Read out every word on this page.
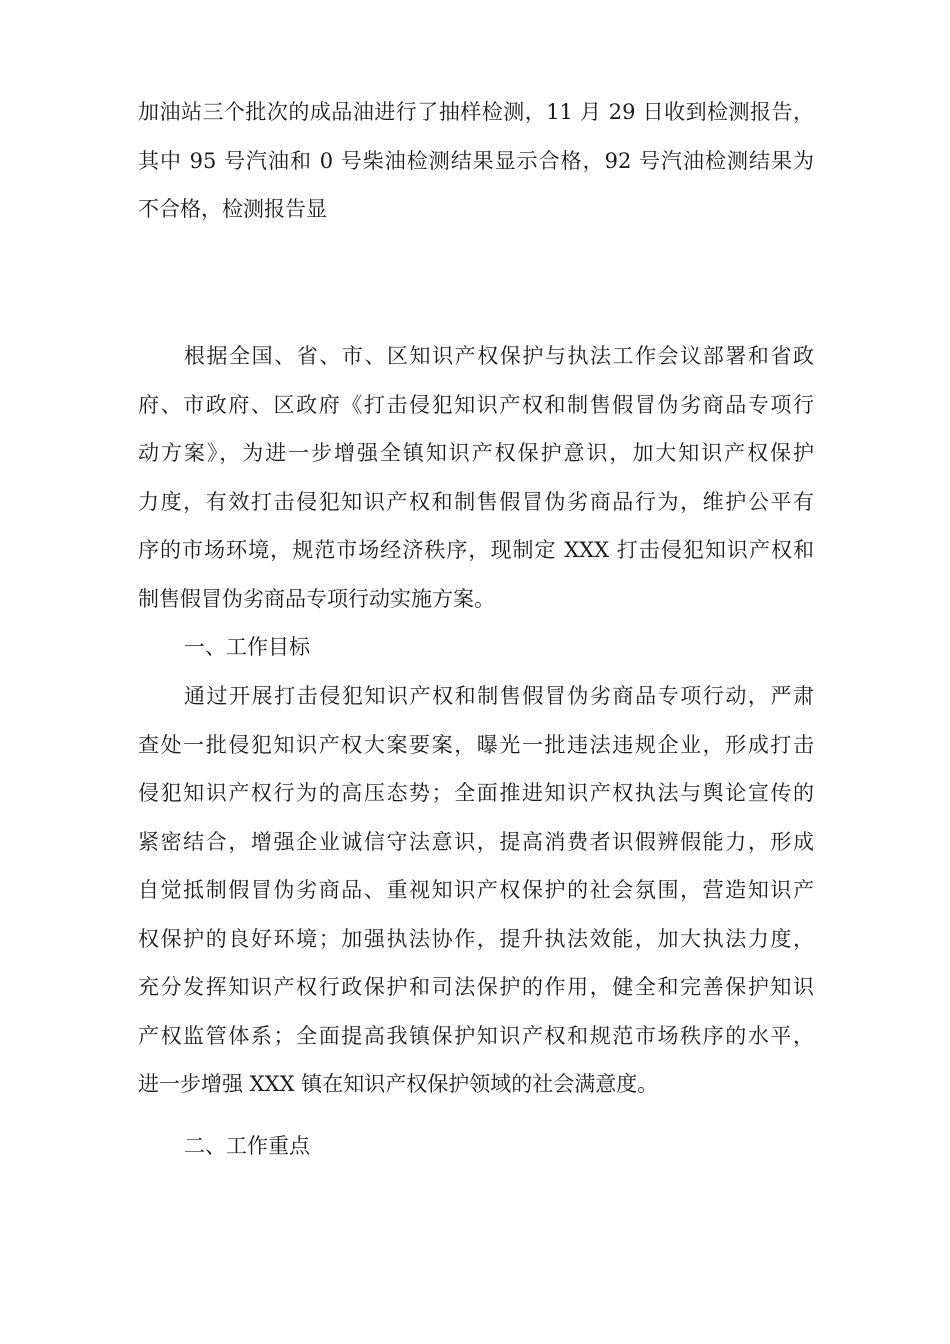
加油站三个批次的成品油进行了抽样检测，11 月 29 日收到检测报告，
其中 95 号汽油和 0 号柴油检测结果显示合格，92 号汽油检测结果为
不合格，检测报告显
根据全国、省、市、区知识产权保护与执法工作会议部署和省政
府、市政府、区政府《打击侵犯知识产权和制售假冒伪劣商品专项行
动方案》，为进一步增强全镇知识产权保护意识，加大知识产权保护
力度，有效打击侵犯知识产权和制售假冒伪劣商品行为，维护公平有
序的市场环境，规范市场经济秩序，现制定 XXX 打击侵犯知识产权和
制售假冒伪劣商品专项行动实施方案。
一、工作目标
通过开展打击侵犯知识产权和制售假冒伪劣商品专项行动，严肃
查处一批侵犯知识产权大案要案，曝光一批违法违规企业，形成打击
侵犯知识产权行为的高压态势；全面推进知识产权执法与舆论宣传的
紧密结合，增强企业诚信守法意识，提高消费者识假辨假能力，形成
自觉抵制假冒伪劣商品、重视知识产权保护的社会氛围，营造知识产
权保护的良好环境；加强执法协作，提升执法效能，加大执法力度，
充分发挥知识产权行政保护和司法保护的作用，健全和完善保护知识
产权监管体系；全面提高我镇保护知识产权和规范市场秩序的水平，
进一步增强 XXX 镇在知识产权保护领域的社会满意度。
二、工作重点
